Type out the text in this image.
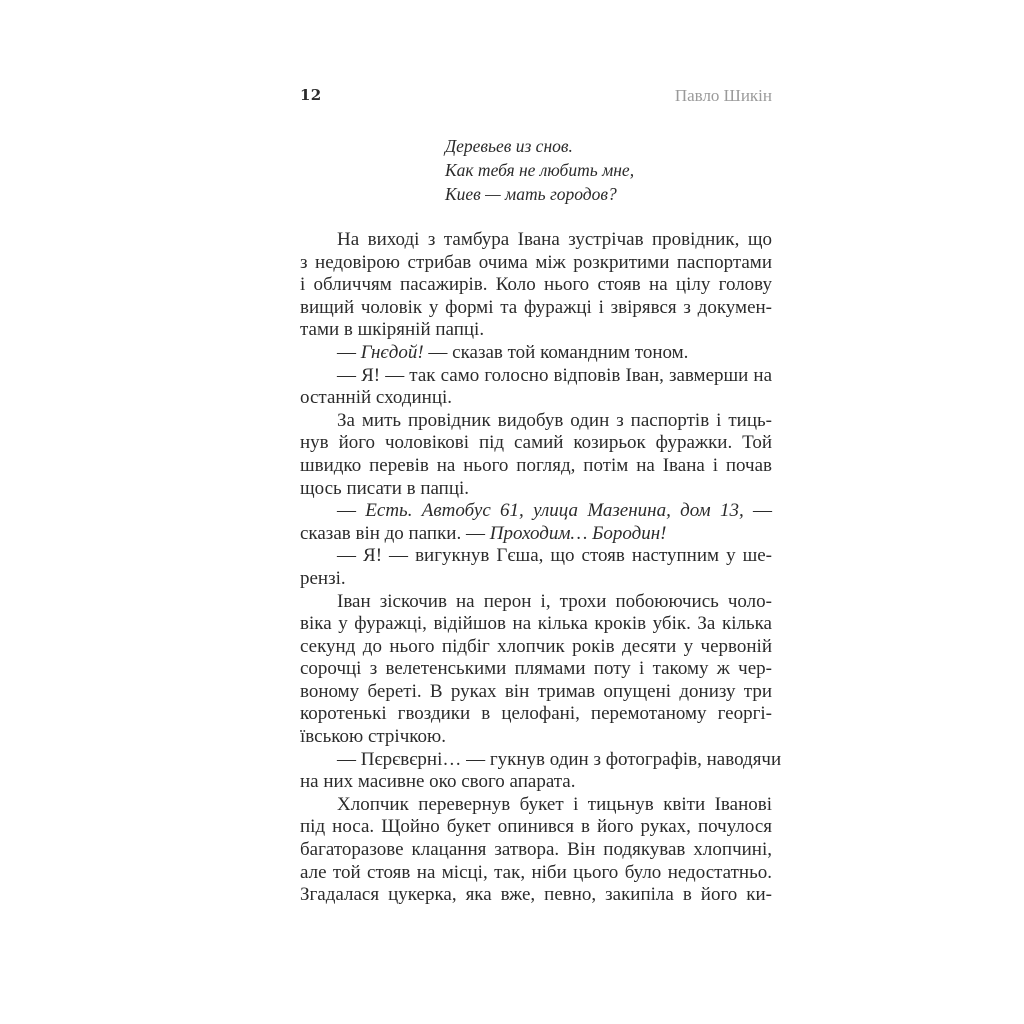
12	Павло Шикін
Деревьев из снов.
Как тебя не любить мне,
Киев — мать городов?
На виході з тамбура Івана зустрічав провідник, що
з недовірою стрибав очима між розкритими паспортами
і обличчям пасажирів. Коло нього стояв на цілу голову
вищий чоловік у формі та фуражці і звірявся з докумен-
тами в шкіряній папці.
— Гнєдой! — сказав той командним тоном.
— Я! — так само голосно відповів Іван, завмерши на
останній сходинці.
За мить провідник видобув один з паспортів і тиць-
нув його чоловікові під самий козирьок фуражки. Той
швидко перевів на нього погляд, потім на Івана і почав
щось писати в папці.
— Есть. Автобус 61, улица Мазенина, дом 13, —
сказав він до папки. — Проходим… Бородин!
— Я! — вигукнув Гєша, що стояв наступним у ше-
рензі.
Іван зіскочив на перон і, трохи побоюючись чоло-
віка у фуражці, відійшов на кілька кроків убік. За кілька
секунд до нього підбіг хлопчик років десяти у червоній
сорочці з велетенськими плямами поту і такому ж чер-
воному береті. В руках він тримав опущені донизу три
коротенькі гвоздики в целофані, перемотаному георгі-
ївською стрічкою.
— Пєрєвєрні… — гукнув один з фотографів, наводячи
на них масивне око свого апарата.
Хлопчик перевернув букет і тицьнув квіти Іванові
під носа. Щойно букет опинився в його руках, почулося
багаторазове клацання затвора. Він подякував хлопчині,
але той стояв на місці, так, ніби цього було недостатньо.
Згадалася цукерка, яка вже, певно, закипіла в його ки-
